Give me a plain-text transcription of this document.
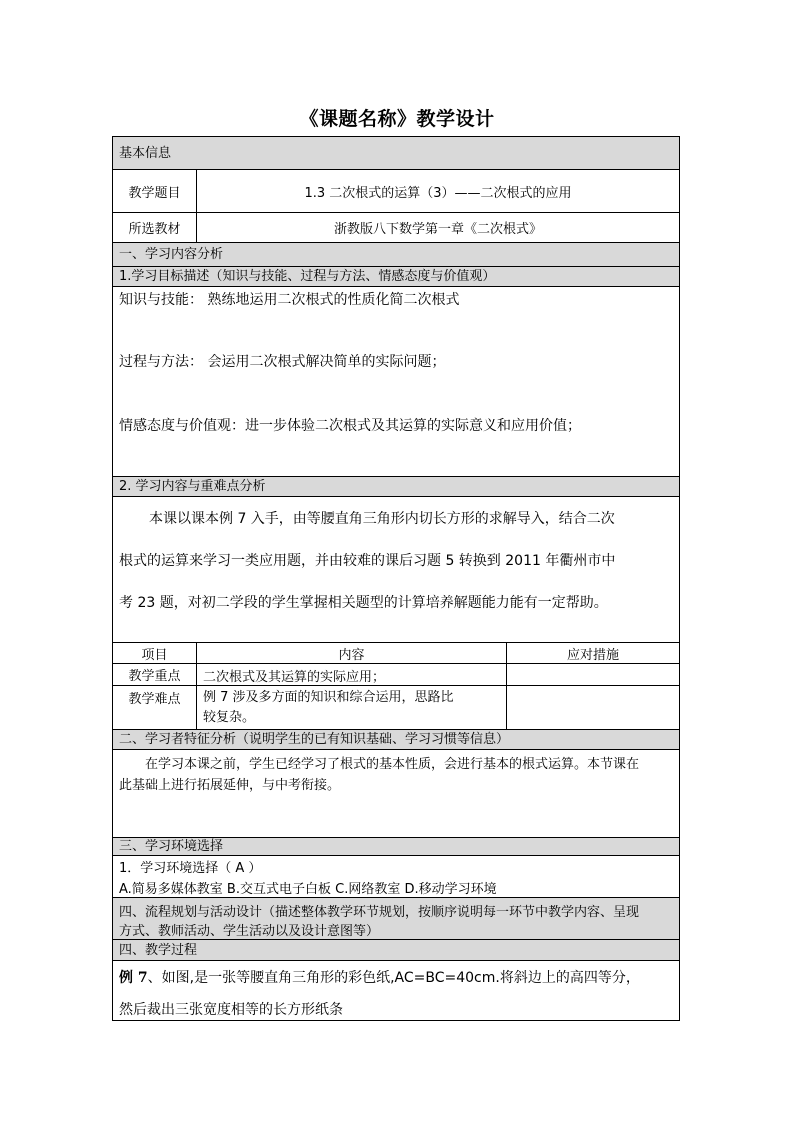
《课题名称》教学设计
基本信息
教学题目	1.3 二次根式的运算（3）——二次根式的应用
所选教材	浙教版八下数学第一章《二次根式》
一、学习内容分析
1.学习目标描述（知识与技能、过程与方法、情感态度与价值观）
知识与技能： 熟练地运用二次根式的性质化简二次根式
过程与方法： 会运用二次根式解决简单的实际问题；
情感态度与价值观：进一步体验二次根式及其运算的实际意义和应用价值；
2. 学习内容与重难点分析
本课以课本例 7 入手，由等腰直角三角形内切长方形的求解导入，结合二次
根式的运算来学习一类应用题，并由较难的课后习题 5 转换到 2011 年衢州市中
考 23 题，对初二学段的学生掌握相关题型的计算培养解题能力能有一定帮助。
项目	内容	应对措施
教学重点	二次根式及其运算的实际应用；
教学难点	例 7 涉及多方面的知识和综合运用，思路比
较复杂。
二、学习者特征分析（说明学生的已有知识基础、学习习惯等信息）
在学习本课之前，学生已经学习了根式的基本性质，会进行基本的根式运算。本节课在
此基础上进行拓展延伸，与中考衔接。
三、学习环境选择
1．学习环境选择（ A ）
A.简易多媒体教室 B.交互式电子白板 C.网络教室 D.移动学习环境
四、流程规划与活动设计（描述整体教学环节规划，按顺序说明每一环节中教学内容、呈现
方式、教师活动、学生活动以及设计意图等）
四、教学过程
例 7、如图,是一张等腰直角三角形的彩色纸,AC=BC=40cm.将斜边上的高四等分，
然后裁出三张宽度相等的长方形纸条
